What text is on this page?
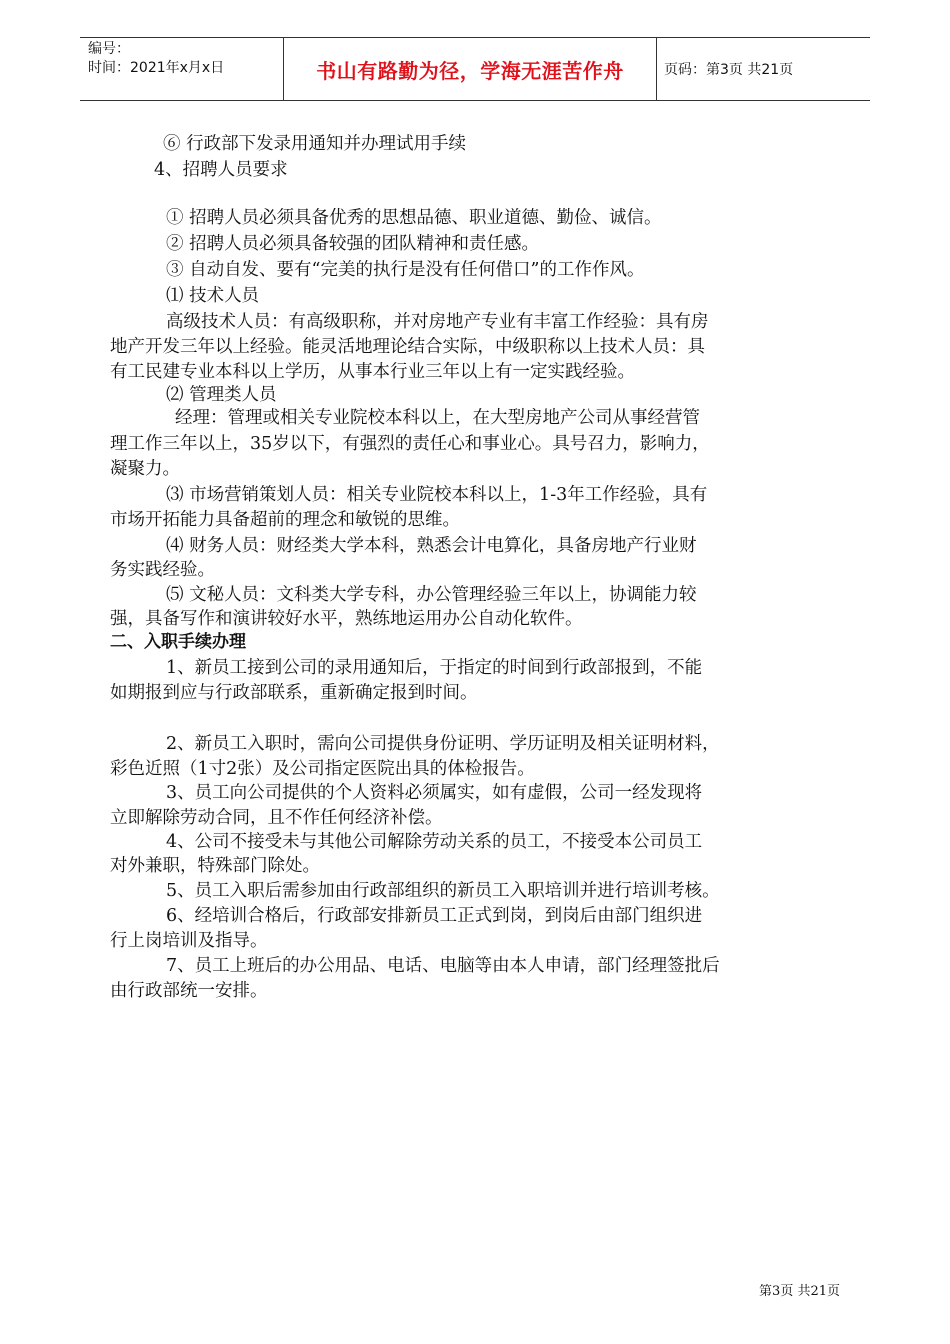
编号：
时间：2021年x月x日	书山有路勤为径，学海无涯苦作舟	页码：第3页 共21页
⑥ 行政部下发录用通知并办理试用手续
4、招聘人员要求
① 招聘人员必须具备优秀的思想品德、职业道德、勤俭、诚信。
② 招聘人员必须具备较强的团队精神和责任感。
③ 自动自发、要有“完美的执行是没有任何借口”的工作作风。
⑴ 技术人员
高级技术人员：有高级职称，并对房地产专业有丰富工作经验：具有房
地产开发三年以上经验。能灵活地理论结合实际，中级职称以上技术人员：具
有工民建专业本科以上学历，从事本行业三年以上有一定实践经验。
⑵ 管理类人员
经理：管理或相关专业院校本科以上，在大型房地产公司从事经营管
理工作三年以上，35岁以下，有强烈的责任心和事业心。具号召力，影响力，
凝聚力。
⑶ 市场营销策划人员：相关专业院校本科以上，1-3年工作经验，具有
市场开拓能力具备超前的理念和敏锐的思维。
⑷ 财务人员：财经类大学本科，熟悉会计电算化，具备房地产行业财
务实践经验。
⑸ 文秘人员：文科类大学专科，办公管理经验三年以上，协调能力较
强，具备写作和演讲较好水平，熟练地运用办公自动化软件。
二、入职手续办理
1、新员工接到公司的录用通知后，于指定的时间到行政部报到，不能
如期报到应与行政部联系，重新确定报到时间。
2、新员工入职时，需向公司提供身份证明、学历证明及相关证明材料，
彩色近照（1寸2张）及公司指定医院出具的体检报告。
3、员工向公司提供的个人资料必须属实，如有虚假，公司一经发现将
立即解除劳动合同，且不作任何经济补偿。
4、公司不接受未与其他公司解除劳动关系的员工，不接受本公司员工
对外兼职，特殊部门除处。
5、员工入职后需参加由行政部组织的新员工入职培训并进行培训考核。
6、经培训合格后，行政部安排新员工正式到岗，到岗后由部门组织进
行上岗培训及指导。
7、员工上班后的办公用品、电话、电脑等由本人申请，部门经理签批后
由行政部统一安排。
第3页 共21页
